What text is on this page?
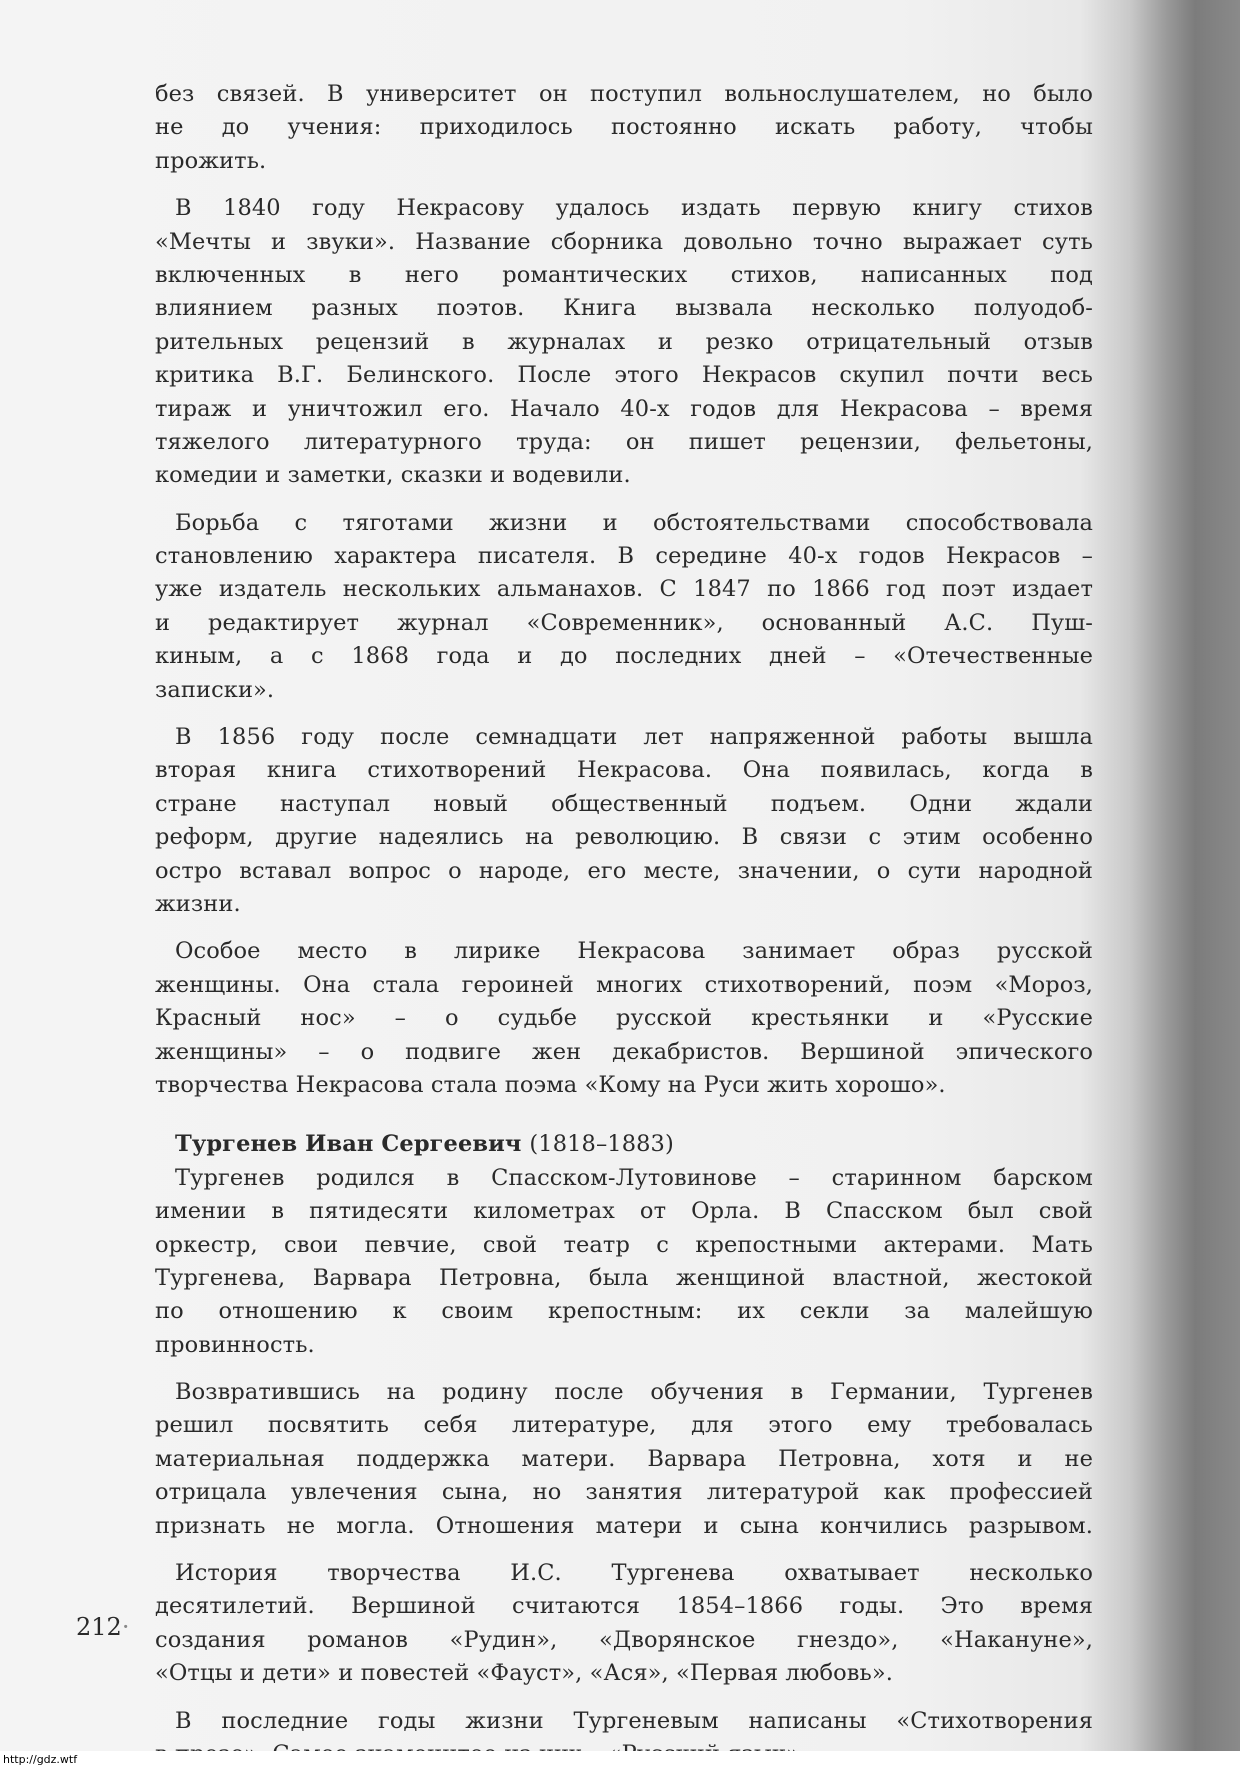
без связей. В университет он поступил вольнослушателем, но было
не до учения: приходилось постоянно искать работу, чтобы
прожить.
В 1840 году Некрасову удалось издать первую книгу стихов
«Мечты и звуки». Название сборника довольно точно выражает суть
включенных в него романтических стихов, написанных под
влиянием разных поэтов. Книга вызвала несколько полуодоб-
рительных рецензий в журналах и резко отрицательный отзыв
критика В.Г. Белинского. После этого Некрасов скупил почти весь
тираж и уничтожил его. Начало 40-х годов для Некрасова – время
тяжелого литературного труда: он пишет рецензии, фельетоны,
комедии и заметки, сказки и водевили.
Борьба с тяготами жизни и обстоятельствами способствовала
становлению характера писателя. В середине 40-х годов Некрасов –
уже издатель нескольких альманахов. С 1847 по 1866 год поэт издает
и редактирует журнал «Современник», основанный А.С. Пуш-
киным, а с 1868 года и до последних дней – «Отечественные
записки».
В 1856 году после семнадцати лет напряженной работы вышла
вторая книга стихотворений Некрасова. Она появилась, когда в
стране наступал новый общественный подъем. Одни ждали
реформ, другие надеялись на революцию. В связи с этим особенно
остро вставал вопрос о народе, его месте, значении, о сути народной
жизни.
Особое место в лирике Некрасова занимает образ русской
женщины. Она стала героиней многих стихотворений, поэм «Мороз,
Красный нос» – о судьбе русской крестьянки и «Русские
женщины» – о подвиге жен декабристов. Вершиной эпического
творчества Некрасова стала поэма «Кому на Руси жить хорошо».
Тургенев Иван Сергеевич (1818–1883)
Тургенев родился в Спасском-Лутовинове – старинном барском
имении в пятидесяти километрах от Орла. В Спасском был свой
оркестр, свои певчие, свой театр с крепостными актерами. Мать
Тургенева, Варвара Петровна, была женщиной властной, жестокой
по отношению к своим крепостным: их секли за малейшую
провинность.
Возвратившись на родину после обучения в Германии, Тургенев
решил посвятить себя литературе, для этого ему требовалась
материальная поддержка матери. Варвара Петровна, хотя и не
отрицала увлечения сына, но занятия литературой как профессией
признать не могла. Отношения матери и сына кончились разрывом.
История творчества И.С. Тургенева охватывает несколько
десятилетий. Вершиной считаются 1854–1866 годы. Это время
создания романов «Рудин», «Дворянское гнездо», «Накануне»,
«Отцы и дети» и повестей «Фауст», «Ася», «Первая любовь».
В последние годы жизни Тургеневым написаны «Стихотворения
212·
http://gdz.wtf
